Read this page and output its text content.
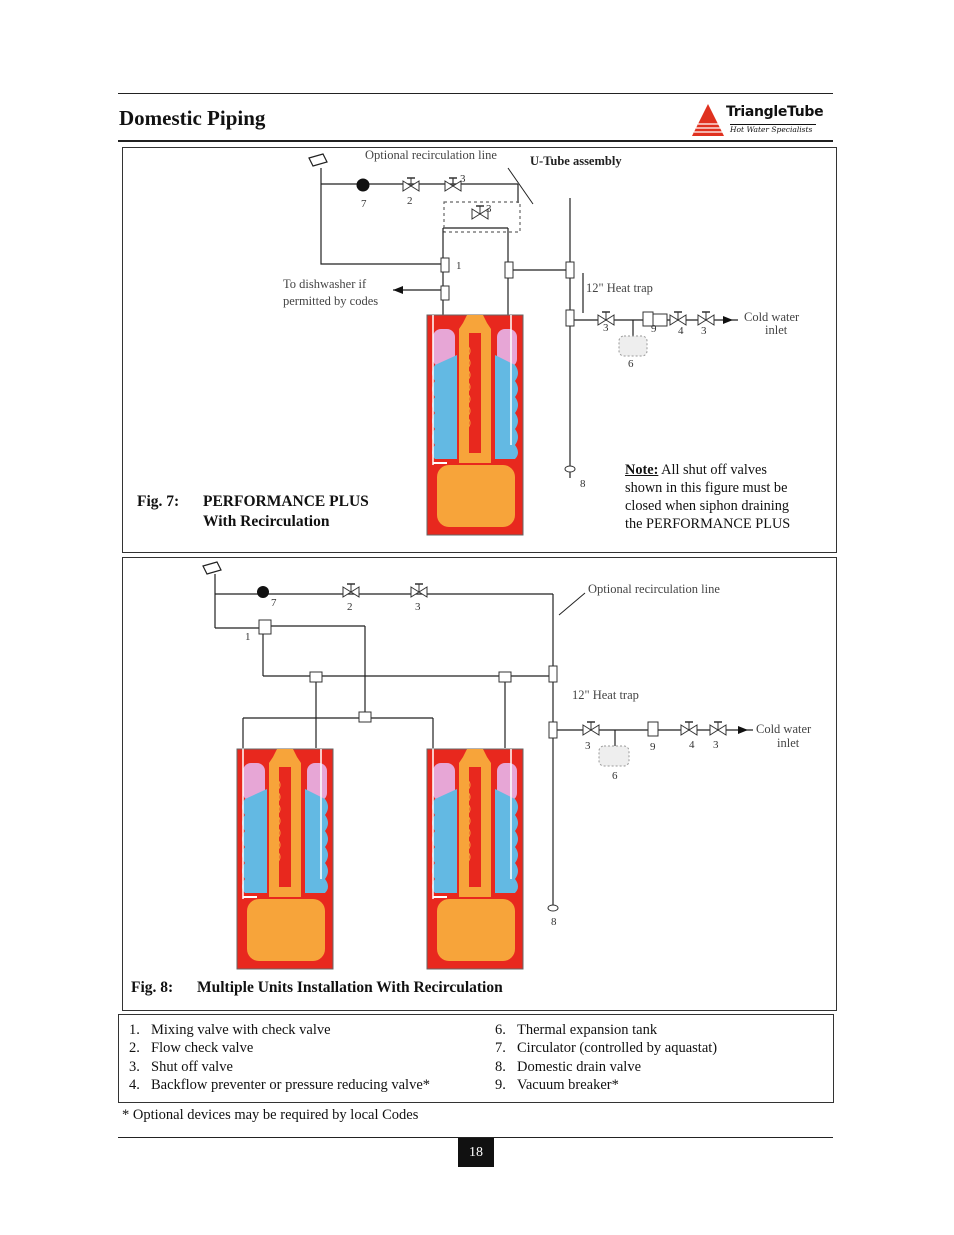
Domestic Piping	TriangleTube
Hot Water Specialists
7	2
3
3
1
3	9 4 3
6
8
Optional recirculation line	U-Tube assembly
To dishwasher if
permitted by codes
12" Heat trap
Cold water
inlet
Fig. 7: PERFORMANCE PLUS
With Recirculation
Note: All shut off valves
shown in this figure must be
closed when siphon draining
the PERFORMANCE PLUS
7	2	3
1
3	9	4 3
6
8
Optional recirculation line
12" Heat trap
Cold water
inlet
Fig. 8: Multiple Units Installation With Recirculation
1. Mixing valve with check valve
2. Flow check valve
3. Shut off valve
4. Backflow preventer or pressure reducing valve*
6. Thermal expansion tank
7. Circulator (controlled by aquastat)
8. Domestic drain valve
9. Vacuum breaker*
* Optional devices may be required by local Codes
18
